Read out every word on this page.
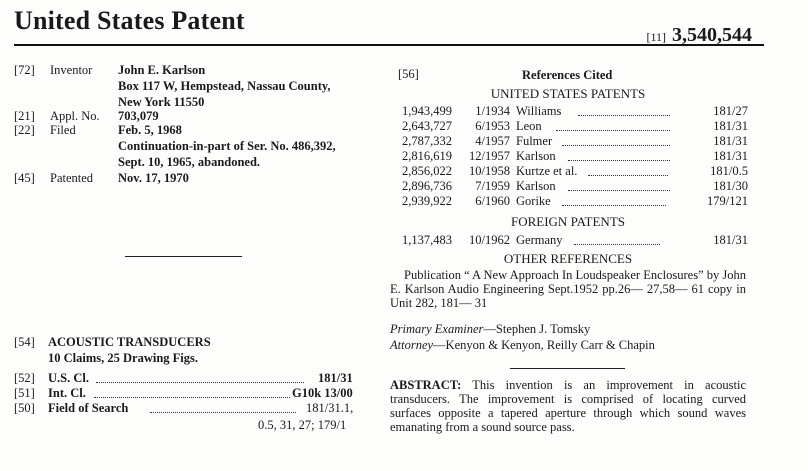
United States Patent
[11] 3,540,544
[72] Inventor John E. Karlson
Box 117 W, Hempstead, Nassau County,
New York 11550
[21] Appl. No. 703,079
[22] Filed	Feb. 5, 1968
Continuation-in-part of Ser. No. 486,392,
Sept. 10, 1965, abandoned.
[45] Patented Nov. 17, 1970
[54] ACOUSTIC TRANSDUCERS
10 Claims, 25 Drawing Figs.
[52] U.S. Cl.	181/31
[51] Int. Cl.	G10k 13/00
[50] Field of Search	181/31.1,
0.5, 31, 27; 179/1
[56]	References Cited
UNITED STATES PATENTS
1,943,499	1/1934 Williams	181/27
2,643,727	6/1953 Leon	181/31
2,787,332	4/1957 Fulmer	181/31
2,816,619	12/1957 Karlson	181/31
2,856,022	10/1958 Kurtze et al.	181/0.5
2,896,736	7/1959 Karlson	181/30
2,939,922	6/1960 Gorike	179/121
FOREIGN PATENTS
1,137,483	10/1962 Germany	181/31
OTHER REFERENCES
Publication “ A New Approach In Loudspeaker Enclosures” by John E. Karlson Audio Engineering Sept.1952 pp.26— 27,58— 61 copy in Unit 282, 181— 31
Primary Examiner—Stephen J. Tomsky
Attorney—Kenyon & Kenyon, Reilly Carr & Chapin
ABSTRACT: This invention is an improvement in acoustic transducers. The improvement is comprised of locating curved surfaces opposite a tapered aperture through which sound waves emanating from a sound source pass.
